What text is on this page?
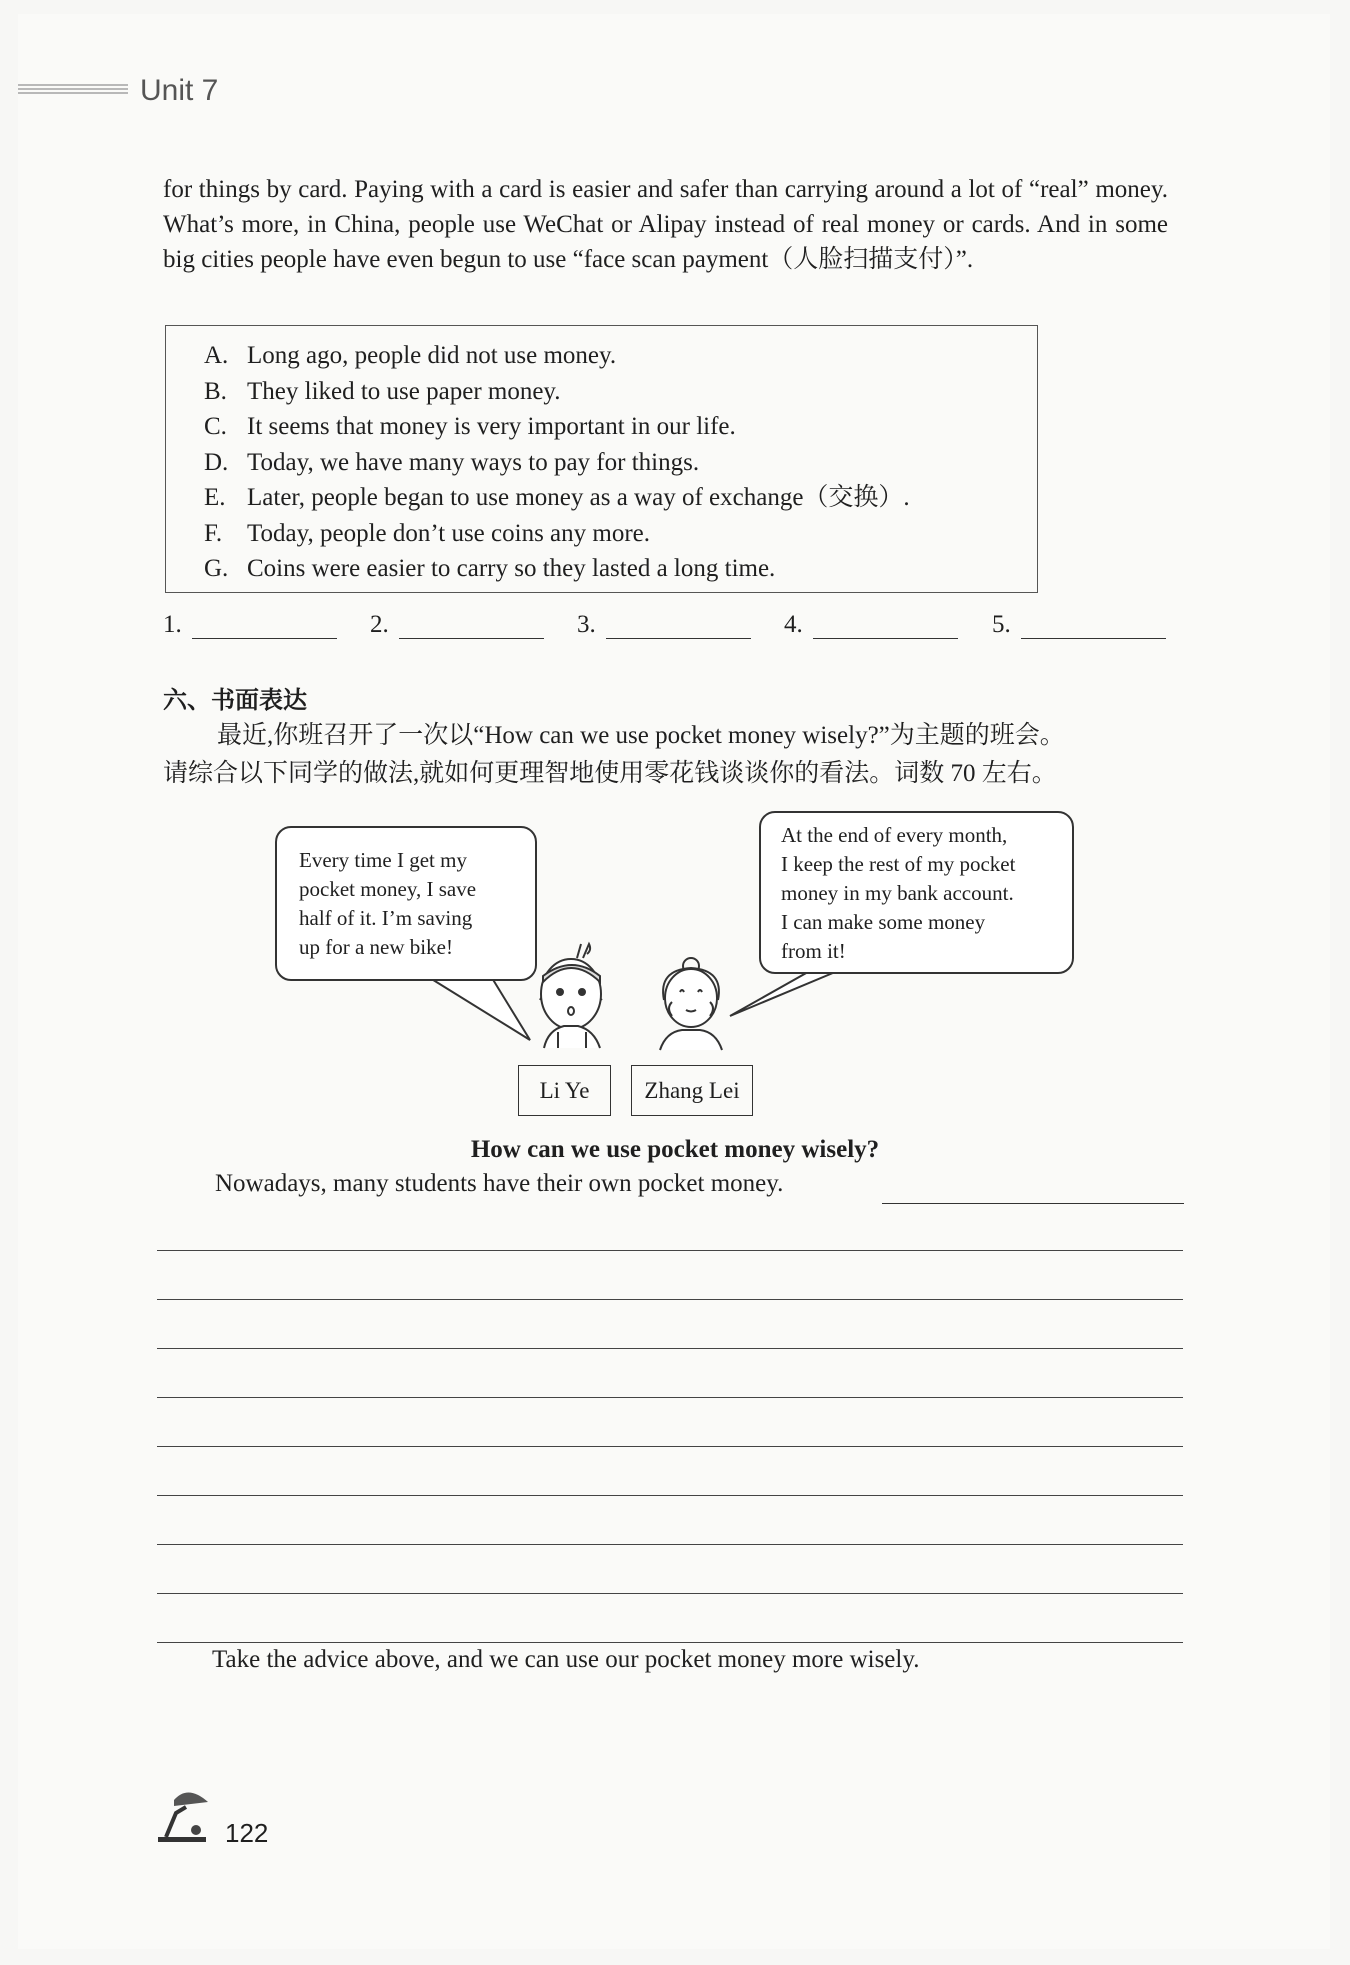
Unit 7

for things by card. Paying with a card is easier and safer than carrying around a lot of “real” money. What’s more, in China, people use WeChat or Alipay instead of real money or cards. And in some big cities people have even begun to use “face scan payment（人脸扫描支付）”.

A. Long ago, people did not use money.
B. They liked to use paper money.
C. It seems that money is very important in our life.
D. Today, we have many ways to pay for things.
E. Later, people began to use money as a way of exchange（交换）.
F. Today, people don’t use coins any more.
G. Coins were easier to carry so they lasted a long time.
1.	2.	3.	4.	5.
六、书面表达

最近,你班召开了一次以“How can we use pocket money wisely?”为主题的班会。

请综合以下同学的做法,就如何更理智地使用零花钱谈谈你的看法。词数 70 左右。

Every time I get my
pocket money, I save
half of it. I’m saving
up for a new bike!
At the end of every month,
I keep the rest of my pocket
money in my bank account.
I can make some money
from it!
Li Ye	Zhang Lei
How can we use pocket money wisely?
Nowadays, many students have their own pocket money.
Take the advice above, and we can use our pocket money more wisely.
122
